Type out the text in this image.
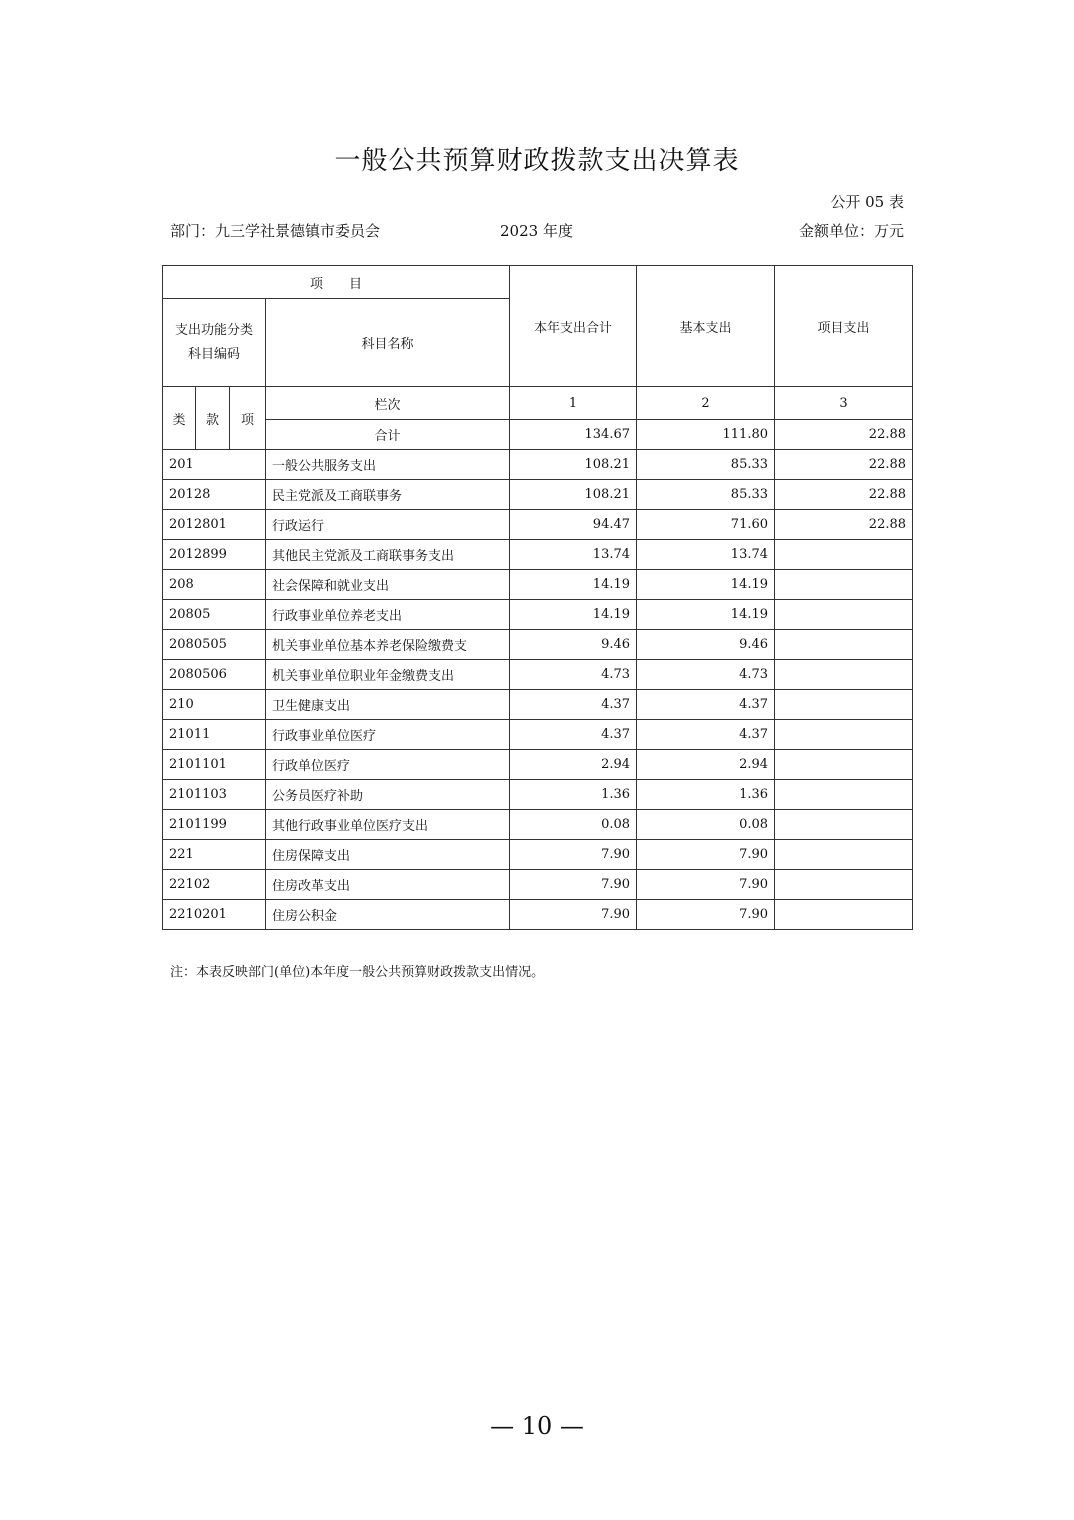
一般公共预算财政拨款支出决算表
公开 05 表
部门：九三学社景德镇市委员会	2023 年度	金额单位：万元
项　　目				本年支出合计	基本支出	项目支出
支出功能分类科目编码			科目名称			
类	款	项	栏次	1	2	3
			合计	134.67	111.80	22.88
201			一般公共服务支出	108.21	85.33	22.88
20128			民主党派及工商联事务	108.21	85.33	22.88
2012801			行政运行	94.47	71.60	22.88
2012899			其他民主党派及工商联事务支出	13.74	13.74	
208			社会保障和就业支出	14.19	14.19	
20805			行政事业单位养老支出	14.19	14.19	
2080505			机关事业单位基本养老保险缴费支	9.46	9.46	
2080506			机关事业单位职业年金缴费支出	4.73	4.73	
210			卫生健康支出	4.37	4.37	
21011			行政事业单位医疗	4.37	4.37	
2101101			行政单位医疗	2.94	2.94	
2101103			公务员医疗补助	1.36	1.36	
2101199			其他行政事业单位医疗支出	0.08	0.08	
221			住房保障支出	7.90	7.90	
22102			住房改革支出	7.90	7.90	
2210201			住房公积金	7.90	7.90	
注：本表反映部门(单位)本年度一般公共预算财政拨款支出情况。
— 10 —
